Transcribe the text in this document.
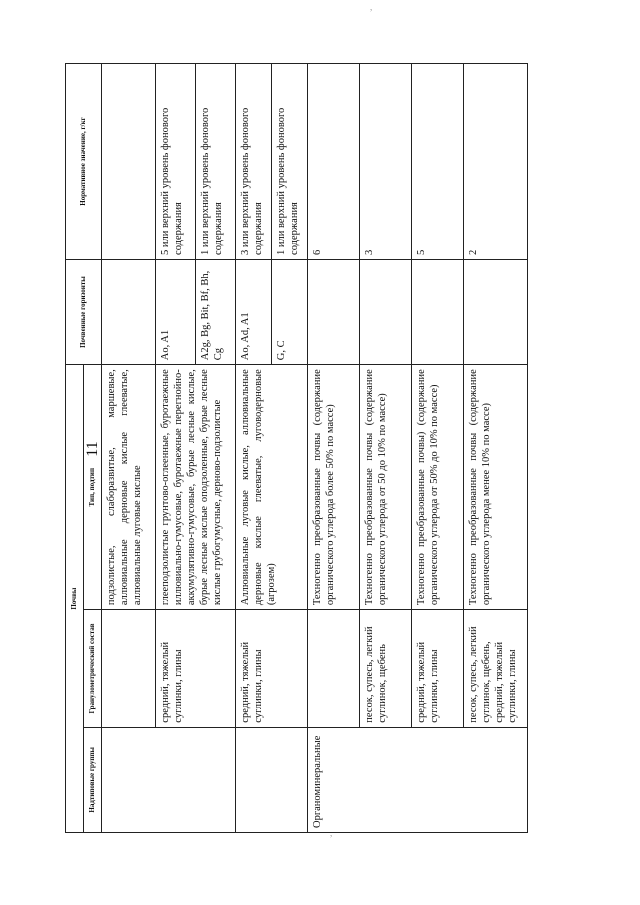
11
,
,
Почвы			Почвенные горизонты	Нормативное значение, г/кг
Надтиповые группы	Гранулометрический состав	Тип, подтип		
		подзолистые, слаборазвитые, маршевые, аллювиальные дерновые кислые глееватые, аллювиальные луговые кислые		
	средний, тяжелый суглинки, глины	глееподзолистые грунтово-оглеенные, буротаежные иллювиально-гумусовые, буротаежные перегнойно-аккумулятивно-гумусовые, бурые лесные кислые, бурые лесные кислые оподзоленные, бурые лесные кислые грубогумусные, дерново-подзолистые	Ao, A1	5 или верхний уровень фонового содержания
			A2g, Bg, Bit, Bf, Bh, Cg	1 или верхний уровень фонового содержания
	средний, тяжелый суглинки, глины	Аллювиальные луговые кислые, аллювиальные дерновые кислые глееватые, луговодерновые (агрозем)	Ao, Ad, A1	3 или верхний уровень фонового содержания
			G, C	1 или верхний уровень фонового содержания
Органоминеральные		Техногенно преобразованные почвы (содержание органического углерода более 50% по массе)		6
	песок, супесь, легкий суглинок, щебень	Техногенно преобразованные почвы (содержание органического углерода от 50 до 10% по массе)		3
	средний, тяжелый суглинки, глины	Техногенно преобразованные почвы) (содержание органического углерода от 50% до 10% по массе)		5
	песок, супесь, легкий суглинок, щебень, средний, тяжелый суглинки, глины	Техногенно преобразованные почвы (содержание органического углерода менее 10% по массе)		2
